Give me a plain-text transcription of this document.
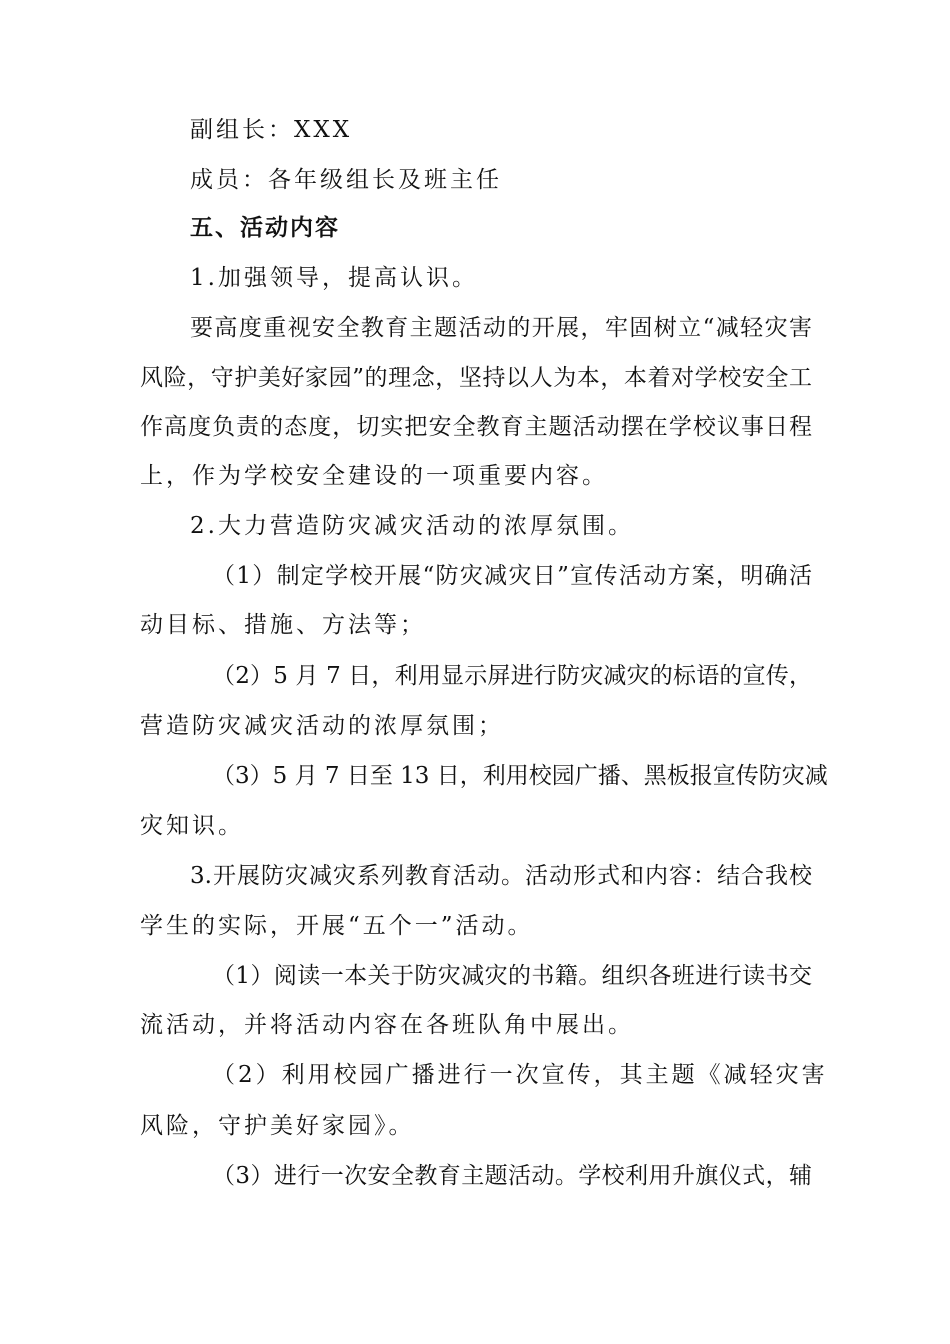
副组长：XXX
成员：各年级组长及班主任
五、活动内容
1.加强领导，提高认识。
要高度重视安全教育主题活动的开展，牢固树立“减轻灾害
风险，守护美好家园”的理念，坚持以人为本，本着对学校安全工
作高度负责的态度，切实把安全教育主题活动摆在学校议事日程
上，作为学校安全建设的一项重要内容。
2.大力营造防灾减灾活动的浓厚氛围。
（1）制定学校开展“防灾减灾日”宣传活动方案，明确活
动目标、措施、方法等；
（2）5 月 7 日，利用显示屏进行防灾减灾的标语的宣传，
营造防灾减灾活动的浓厚氛围；
（3）5 月 7 日至 13 日，利用校园广播、黑板报宣传防灾减
灾知识。
3.开展防灾减灾系列教育活动。活动形式和内容：结合我校
学生的实际，开展“五个一”活动。
（1）阅读一本关于防灾减灾的书籍。组织各班进行读书交
流活动，并将活动内容在各班队角中展出。
（2）利用校园广播进行一次宣传，其主题《减轻灾害
风险，守护美好家园》。
（3）进行一次安全教育主题活动。学校利用升旗仪式，辅
